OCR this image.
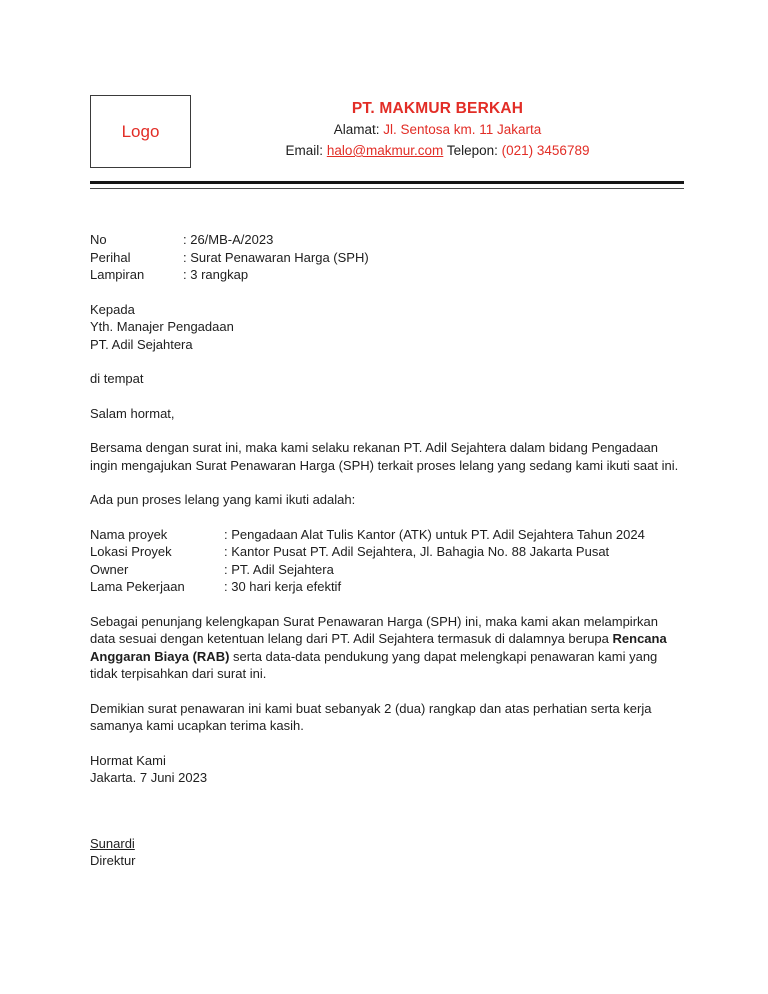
Logo
PT. MAKMUR BERKAH
Alamat: Jl. Sentosa km. 11 Jakarta
Email: halo@makmur.com Telepon: (021) 3456789
No	: 26/MB-A/2023
Perihal	: Surat Penawaran Harga (SPH)
Lampiran	: 3 rangkap
Kepada
Yth. Manajer Pengadaan
PT. Adil Sejahtera
di tempat
Salam hormat,

Bersama dengan surat ini, maka kami selaku rekanan PT. Adil Sejahtera dalam bidang Pengadaan ingin mengajukan Surat Penawaran Harga (SPH) terkait proses lelang yang sedang kami ikuti saat ini.

Ada pun proses lelang yang kami ikuti adalah:

Nama proyek	: Pengadaan Alat Tulis Kantor (ATK) untuk PT. Adil Sejahtera Tahun 2024
Lokasi Proyek	: Kantor Pusat PT. Adil Sejahtera, Jl. Bahagia No. 88 Jakarta Pusat
Owner	: PT. Adil Sejahtera
Lama Pekerjaan	: 30 hari kerja efektif

Sebagai penunjang kelengkapan Surat Penawaran Harga (SPH) ini, maka kami akan melampirkan data sesuai dengan ketentuan lelang dari PT. Adil Sejahtera termasuk di dalamnya berupa Rencana Anggaran Biaya (RAB) serta data-data pendukung yang dapat melengkapi penawaran kami yang tidak terpisahkan dari surat ini.

Demikian surat penawaran ini kami buat sebanyak 2 (dua) rangkap dan atas perhatian serta kerja samanya kami ucapkan terima kasih.

Hormat Kami
Jakarta. 7 Juni 2023
Sunardi
Direktur
